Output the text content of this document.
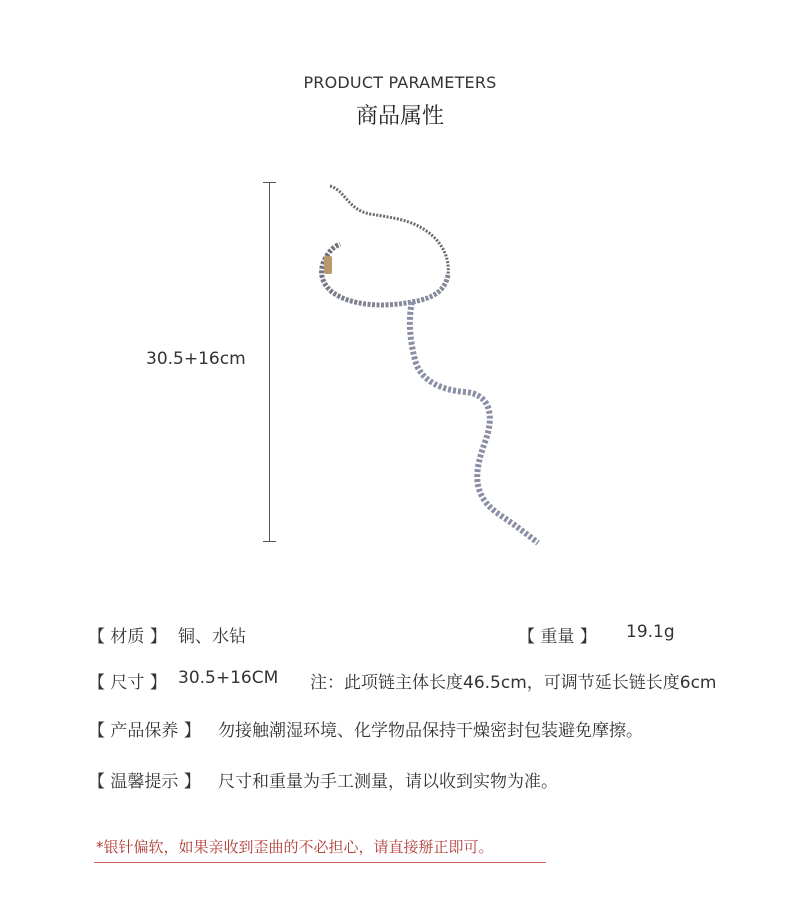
PRODUCT PARAMETERS
商品属性
30.5+16cm
【 材质 】 铜、水钻	【 重量 】 19.1g
【 尺寸 】 30.5+16CM 注：此项链主体长度46.5cm，可调节延长链长度6cm
【 产品保养 】 勿接触潮湿环境、化学物品保持干燥密封包装避免摩擦。
【 温馨提示 】 尺寸和重量为手工测量，请以收到实物为准。
*银针偏软，如果亲收到歪曲的不必担心，请直接掰正即可。
